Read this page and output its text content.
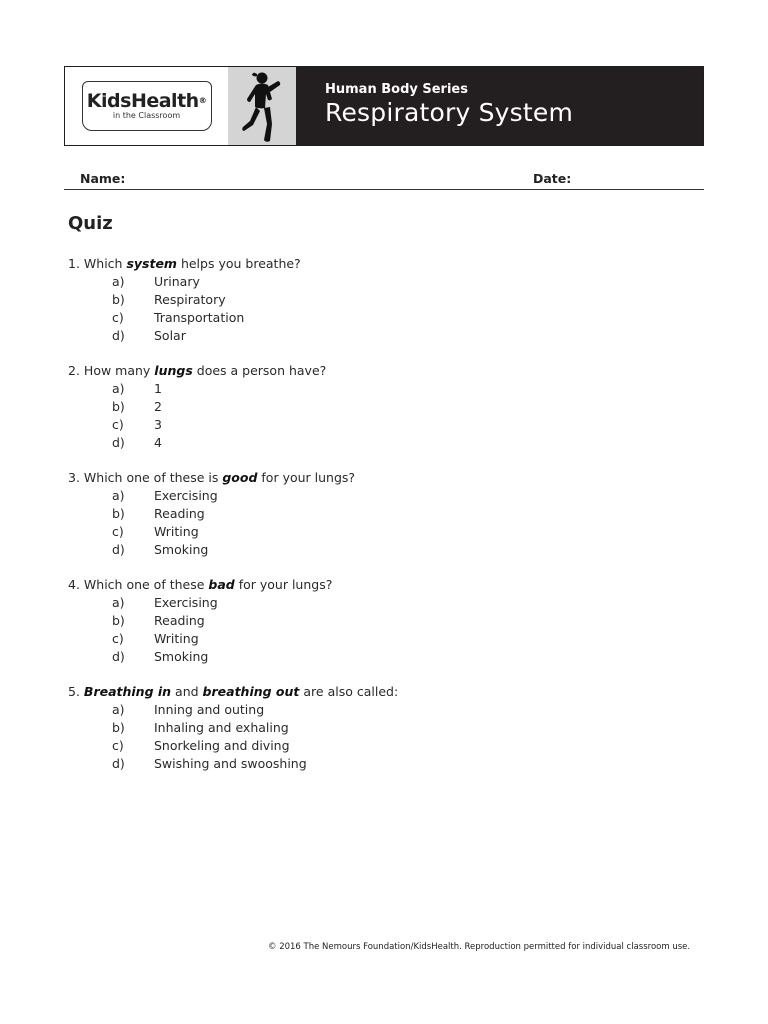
KidsHealth®
in the Classroom
Human Body Series
Respiratory System
Name:	Date:
Quiz
1. Which system helps you breathe?
a) Urinary
b) Respiratory
c) Transportation
d) Solar
2. How many lungs does a person have?
a) 1
b) 2
c) 3
d) 4
3. Which one of these is good for your lungs?
a) Exercising
b) Reading
c) Writing
d) Smoking
4. Which one of these bad for your lungs?
a) Exercising
b) Reading
c) Writing
d) Smoking
5. Breathing in and breathing out are also called:
a) Inning and outing
b) Inhaling and exhaling
c) Snorkeling and diving
d) Swishing and swooshing
© 2016 The Nemours Foundation/KidsHealth. Reproduction permitted for individual classroom use.
